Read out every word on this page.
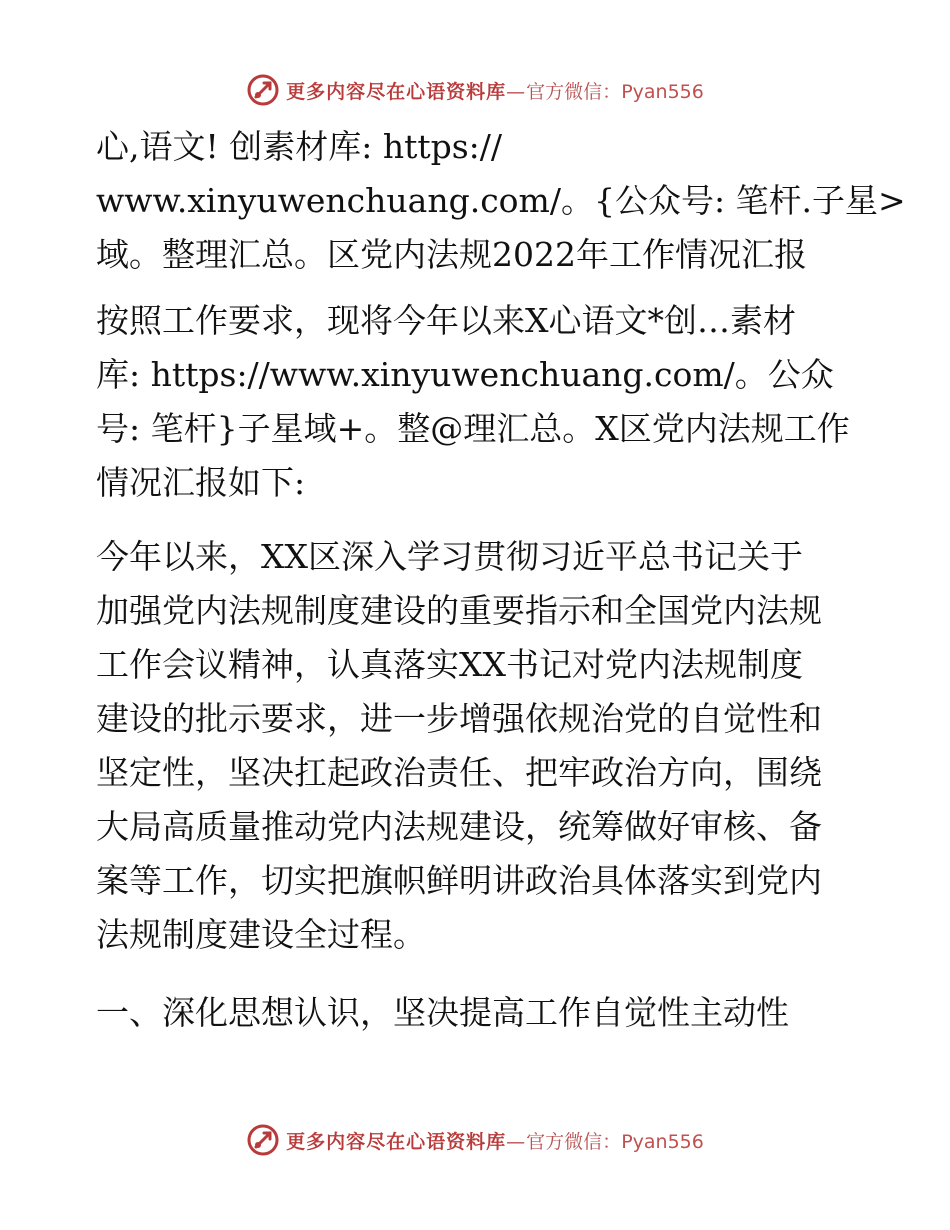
更多内容尽在心语资料库—官方微信：Pyan556

心,语文! 创素材库: https://
www.xinyuwenchuang.com/。{公众号: 笔杆.子星>
域。整理汇总。区党内法规2022年工作情况汇报

按照工作要求，现将今年以来X心语文*创…素材
库: https://www.xinyuwenchuang.com/。公众
号: 笔杆}子星域+。整@理汇总。X区党内法规工作
情况汇报如下:

今年以来，XX区深入学习贯彻习近平总书记关于
加强党内法规制度建设的重要指示和全国党内法规
工作会议精神，认真落实XX书记对党内法规制度
建设的批示要求，进一步增强依规治党的自觉性和
坚定性，坚决扛起政治责任、把牢政治方向，围绕
大局高质量推动党内法规建设，统筹做好审核、备
案等工作，切实把旗帜鲜明讲政治具体落实到党内
法规制度建设全过程。

一、深化思想认识，坚决提高工作自觉性主动性

更多内容尽在心语资料库—官方微信：Pyan556
